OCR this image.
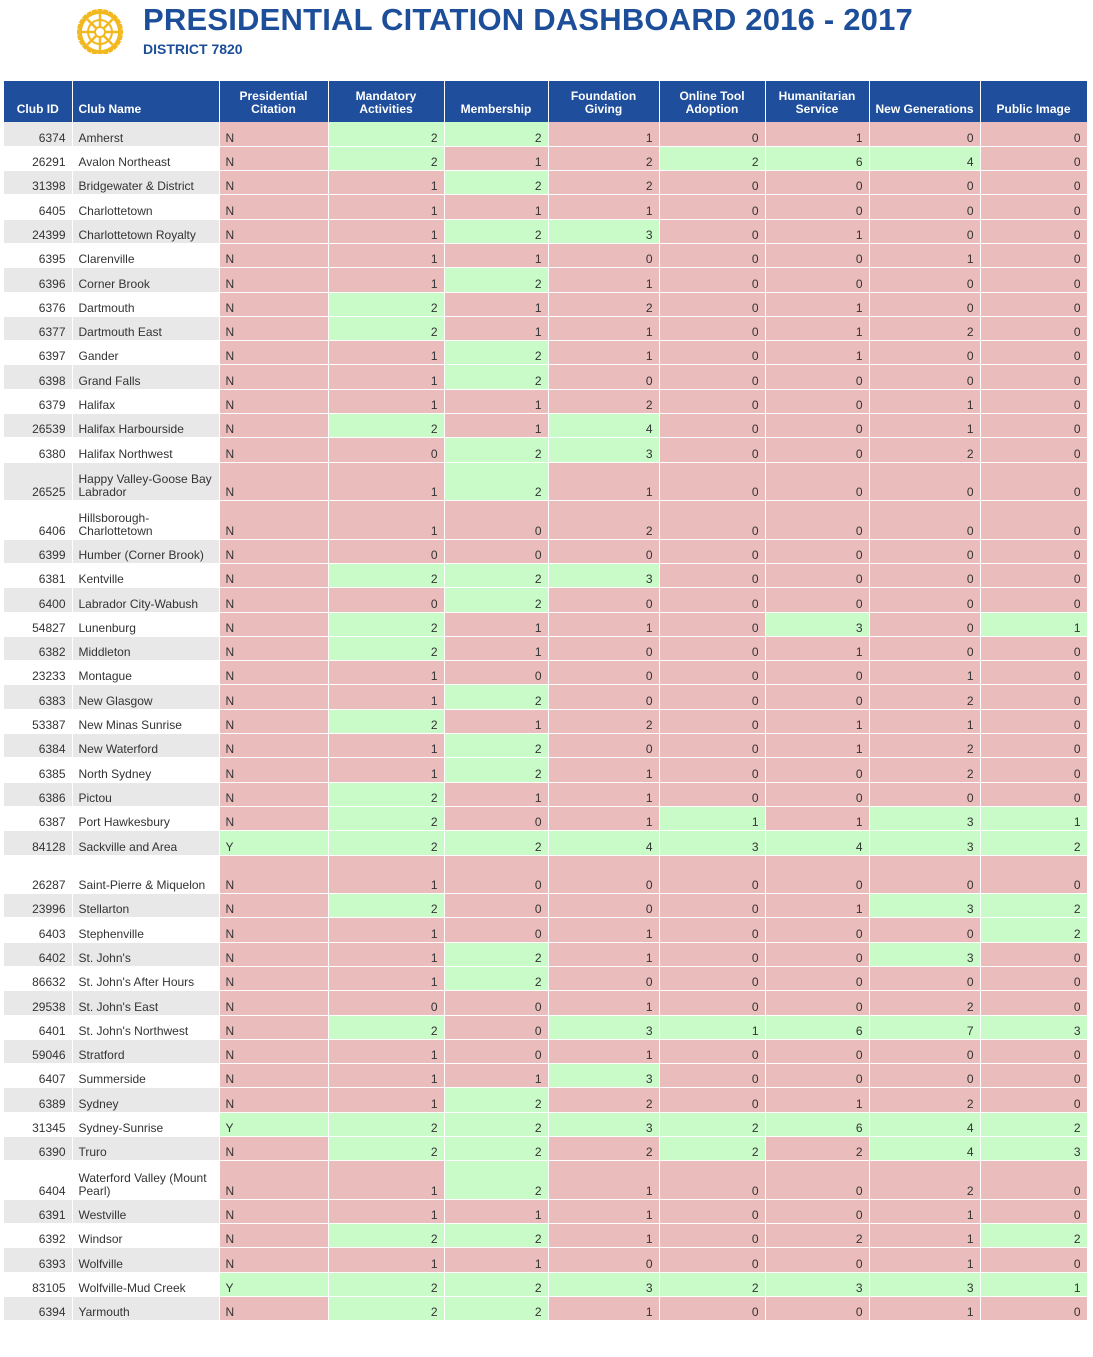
PRESIDENTIAL CITATION DASHBOARD 2016 - 2017
DISTRICT 7820
Club ID	Club Name	Presidential Citation	Mandatory Activities	Membership	Foundation Giving	Online Tool Adoption	Humanitarian Service	New Generations	Public Image
6374	Amherst	N	2	2	1	0	1	0	0
26291	Avalon Northeast	N	2	1	2	2	6	4	0
31398	Bridgewater & District	N	1	2	2	0	0	0	0
6405	Charlottetown	N	1	1	1	0	0	0	0
24399	Charlottetown Royalty	N	1	2	3	0	1	0	0
6395	Clarenville	N	1	1	0	0	0	1	0
6396	Corner Brook	N	1	2	1	0	0	0	0
6376	Dartmouth	N	2	1	2	0	1	0	0
6377	Dartmouth East	N	2	1	1	0	1	2	0
6397	Gander	N	1	2	1	0	1	0	0
6398	Grand Falls	N	1	2	0	0	0	0	0
6379	Halifax	N	1	1	2	0	0	1	0
26539	Halifax Harbourside	N	2	1	4	0	0	1	0
6380	Halifax Northwest	N	0	2	3	0	0	2	0
26525	Happy Valley-Goose Bay Labrador	N	1	2	1	0	0	0	0
6406	Hillsborough-Charlottetown	N	1	0	2	0	0	0	0
6399	Humber (Corner Brook)	N	0	0	0	0	0	0	0
6381	Kentville	N	2	2	3	0	0	0	0
6400	Labrador City-Wabush	N	0	2	0	0	0	0	0
54827	Lunenburg	N	2	1	1	0	3	0	1
6382	Middleton	N	2	1	0	0	1	0	0
23233	Montague	N	1	0	0	0	0	1	0
6383	New Glasgow	N	1	2	0	0	0	2	0
53387	New Minas Sunrise	N	2	1	2	0	1	1	0
6384	New Waterford	N	1	2	0	0	1	2	0
6385	North Sydney	N	1	2	1	0	0	2	0
6386	Pictou	N	2	1	1	0	0	0	0
6387	Port Hawkesbury	N	2	0	1	1	1	3	1
84128	Sackville and Area	Y	2	2	4	3	4	3	2
26287	Saint-Pierre & Miquelon	N	1	0	0	0	0	0	0
23996	Stellarton	N	2	0	0	0	1	3	2
6403	Stephenville	N	1	0	1	0	0	0	2
6402	St. John's	N	1	2	1	0	0	3	0
86632	St. John's After Hours	N	1	2	0	0	0	0	0
29538	St. John's East	N	0	0	1	0	0	2	0
6401	St. John's Northwest	N	2	0	3	1	6	7	3
59046	Stratford	N	1	0	1	0	0	0	0
6407	Summerside	N	1	1	3	0	0	0	0
6389	Sydney	N	1	2	2	0	1	2	0
31345	Sydney-Sunrise	Y	2	2	3	2	6	4	2
6390	Truro	N	2	2	2	2	2	4	3
6404	Waterford Valley (Mount Pearl)	N	1	2	1	0	0	2	0
6391	Westville	N	1	1	1	0	0	1	0
6392	Windsor	N	2	2	1	0	2	1	2
6393	Wolfville	N	1	1	0	0	0	1	0
83105	Wolfville-Mud Creek	Y	2	2	3	2	3	3	1
6394	Yarmouth	N	2	2	1	0	0	1	0
